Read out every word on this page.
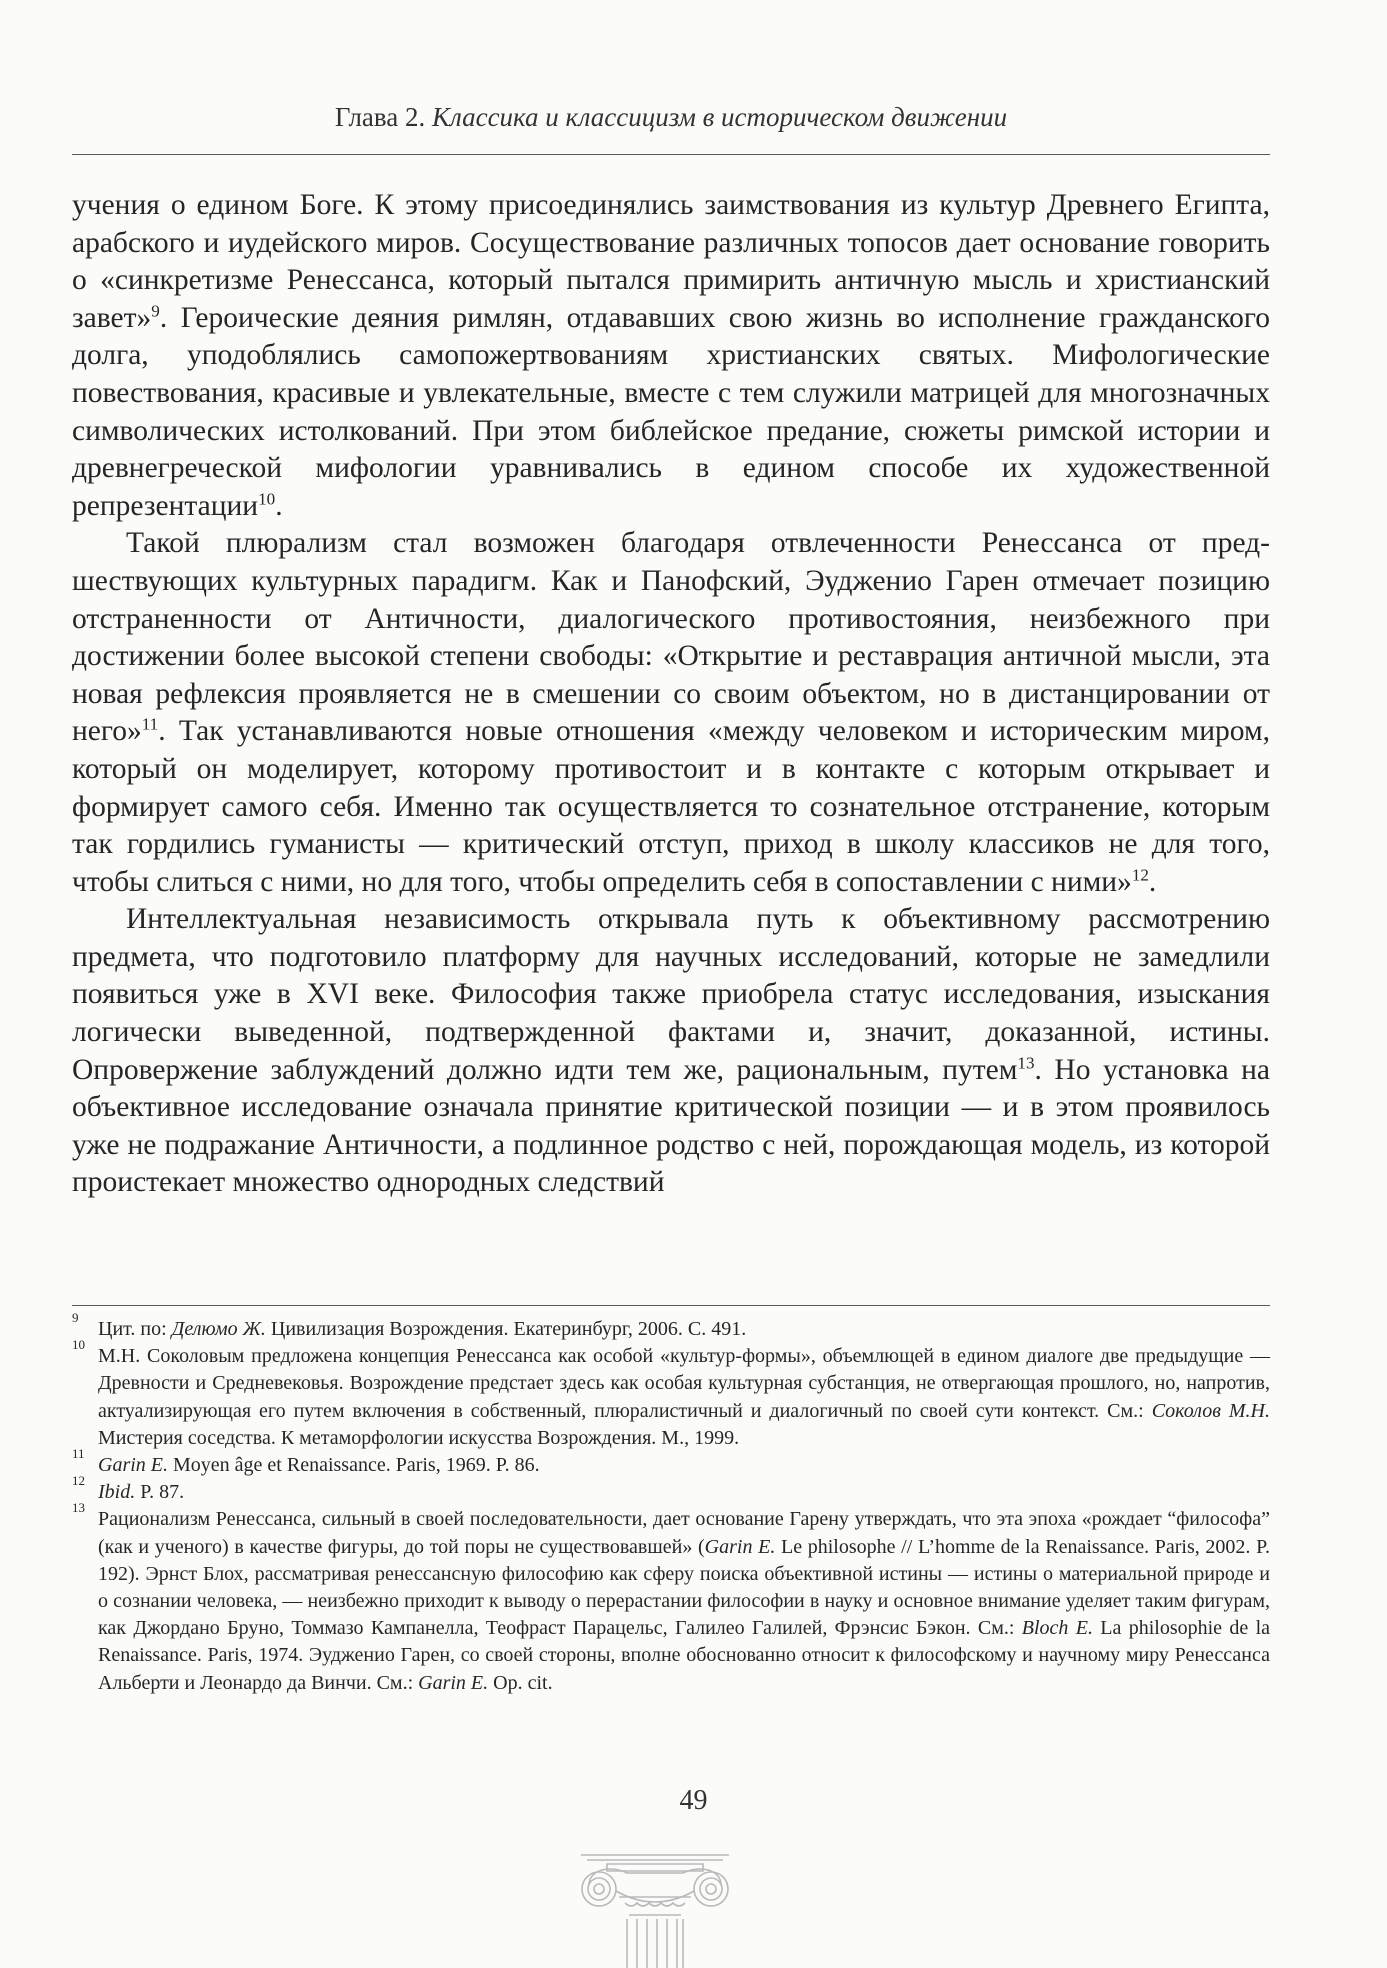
Глава 2. Классика и классицизм в историческом движении

учения о едином Боге. К этому присоединялись заимствования из культур Древнего Египта, арабского и иудейского миров. Сосуществование различных топосов дает основание говорить о «синкретизме Ренессанса, который пытался примирить античную мысль и христианский завет»$^9$. Героические деяния римлян, отдававших свою жизнь во исполнение гражданского долга, уподоблялись самопожертвованиям христианских святых. Мифологические повествования, красивые и увлекательные, вместе с тем служили матрицей для многозначных символических истолкований. При этом библейское предание, сюжеты римской истории и древнегреческой мифологии уравнивались в едином способе их художественной репрезентации$^{10}$.

Такой плюрализм стал возможен благодаря отвлеченности Ренессанса от предшествующих культурных парадигм. Как и Панофский, Эудженио Гарен отмечает позицию отстраненности от Античности, диалогического противостояния, неизбежного при достижении более высокой степени свободы: «Открытие и реставрация античной мысли, эта новая рефлексия проявляется не в смешении со своим объектом, но в дистанцировании от него»$^{11}$. Так устанавливаются новые отношения «между человеком и историческим миром, который он моделирует, которому противостоит и в контакте с которым открывает и формирует самого себя. Именно так осуществляется то сознательное отстранение, которым так гордились гуманисты — критический отступ, приход в школу классиков не для того, чтобы слиться с ними, но для того, чтобы определить себя в сопоставлении с ними»$^{12}$.

Интеллектуальная независимость открывала путь к объективному рассмотрению предмета, что подготовило платформу для научных исследований, которые не замедлили появиться уже в XVI веке. Философия также приобрела статус исследования, изыскания логически выведенной, подтвержденной фактами и, значит, доказанной, истины. Опровержение заблуждений должно идти тем же, рациональным, путем$^{13}$. Но установка на объективное исследование означала принятие критической позиции — и в этом проявилось уже не подражание Античности, а подлинное родство с ней, порождающая модель, из которой проистекает множество однородных следствий

9
Цит. по: Делюмо Ж. Цивилизация Возрождения. Екатеринбург, 2006. С. 491.

10
М.Н. Соколовым предложена концепция Ренессанса как особой «культур-формы», объемлющей в едином диалоге две предыдущие — Древности и Средневековья. Возрождение предстает здесь как особая культурная субстанция, не отвергающая прошлого, но, напротив, актуализирующая его путем включения в собственный, плюралистичный и диалогичный по своей сути контекст. См.: Соколов М.Н. Мистерия соседства. К метаморфологии искусства Возрождения. М., 1999.

11
Garin E. Moyen âge et Renaissance. Paris, 1969. P. 86.

12
Ibid. P. 87.

13
Рационализм Ренессанса, сильный в своей последовательности, дает основание Гарену утверждать, что эта эпоха «рождает “философа” (как и ученого) в качестве фигуры, до той поры не существовавшей» (Garin E. Le philosophe // L’homme de la Renaissance. Paris, 2002. P. 192). Эрнст Блох, рассматривая ренессансную философию как сферу поиска объективной истины — истины о материальной природе и о сознании человека, — неизбежно приходит к выводу о перерастании философии в науку и основное внимание уделяет таким фигурам, как Джордано Бруно, Томмазо Кампанелла, Теофраст Парацельс, Галилео Галилей, Фрэнсис Бэкон. См.: Bloch E. La philosophie de la Renaissance. Paris, 1974. Эудженио Гарен, со своей стороны, вполне обоснованно относит к философскому и научному миру Ренессанса Альберти и Леонардо да Винчи. См.: Garin E. Op. cit.

49
